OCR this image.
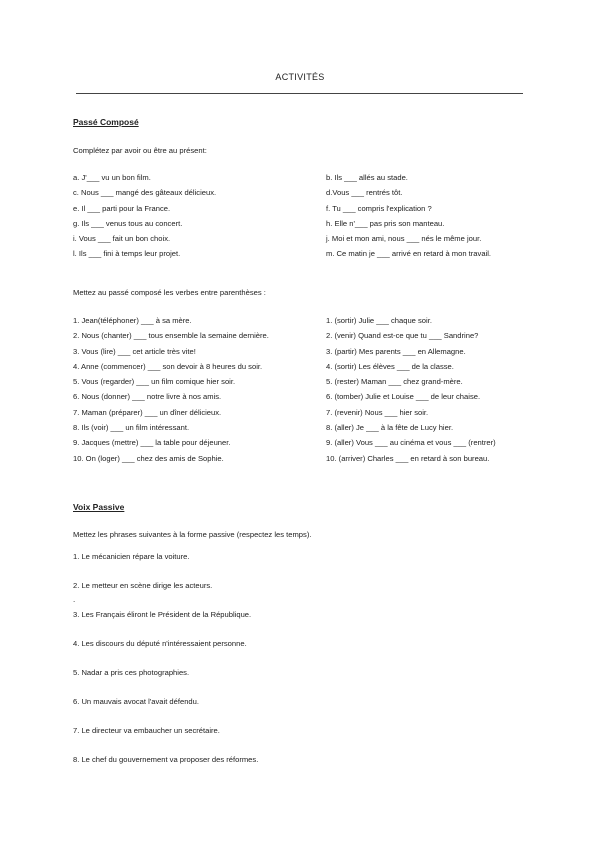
ACTIVITÉS
Passé Composé
Complétez par avoir ou être au présent:
a. J'___ vu un bon film.
c. Nous ___ mangé des gâteaux délicieux.
e. Il ___ parti pour la France.
g. Ils ___ venus tous au concert.
i. Vous ___ fait un bon choix.
l. Ils ___ fini à temps leur projet.
b. Ils ___ allés au stade.
d.Vous ___ rentrés tôt.
f. Tu ___ compris l'explication ?
h. Elle n'___ pas pris son manteau.
j. Moi et mon ami, nous ___ nés le même jour.
m. Ce matin je ___ arrivé en retard à mon travail.
Mettez au passé composé les verbes entre parenthèses :
1. Jean(téléphoner) ___ à sa mère.
2. Nous (chanter) ___ tous ensemble la semaine dernière.
3. Vous (lire) ___ cet article très vite!
4. Anne (commencer) ___ son devoir à 8 heures du soir.
5. Vous (regarder) ___ un film comique hier soir.
6. Nous (donner) ___ notre livre à nos amis.
7. Maman (préparer) ___ un dîner délicieux.
8. Ils (voir) ___ un film intéressant.
9. Jacques (mettre) ___ la table pour déjeuner.
10. On (loger) ___ chez des amis de Sophie.
1. (sortir) Julie ___ chaque soir.
2. (venir) Quand est-ce que tu ___ Sandrine?
3. (partir) Mes parents ___ en Allemagne.
4. (sortir) Les élèves ___ de la classe.
5. (rester) Maman ___ chez grand-mère.
6. (tomber) Julie et Louise ___ de leur chaise.
7. (revenir) Nous ___ hier soir.
8. (aller) Je ___ à la fête de Lucy hier.
9. (aller) Vous ___ au cinéma et vous ___ (rentrer)
10. (arriver) Charles ___ en retard à son bureau.
Voix Passive
Mettez les phrases suivantes à la forme passive (respectez les temps).
1. Le mécanicien répare la voiture.
2. Le metteur en scène dirige les acteurs.
3. Les Français éliront le Président de la République.
4. Les discours du député n'intéressaient personne.
5. Nadar a pris ces photographies.
6. Un mauvais avocat l'avait défendu.
7. Le directeur va embaucher un secrétaire.
8. Le chef du gouvernement va proposer des réformes.
.
